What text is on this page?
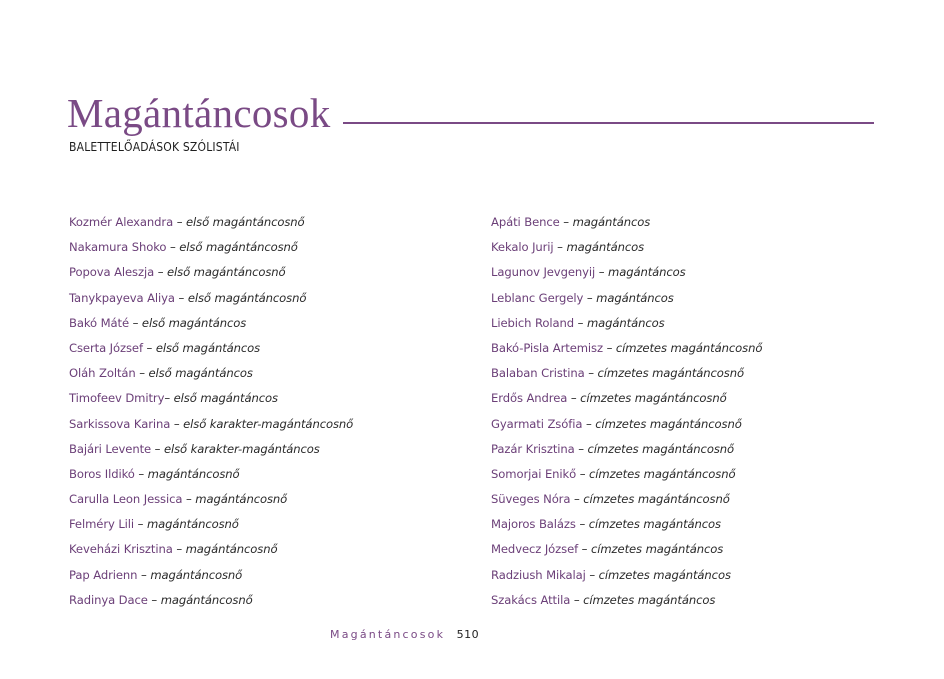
Magántáncosok
BALETTELŐADÁSOK SZÓLISTÁI
Kozmér Alexandra – első magántáncosnő
Nakamura Shoko – első magántáncosnő
Popova Aleszja – első magántáncosnő
Tanykpayeva Aliya – első magántáncosnő
Bakó Máté – első magántáncos
Cserta József – első magántáncos
Oláh Zoltán – első magántáncos
Timofeev Dmitry– első magántáncos
Sarkissova Karina – első karakter-magántáncosnő
Bajári Levente – első karakter-magántáncos
Boros Ildikó – magántáncosnő
Carulla Leon Jessica – magántáncosnő
Felméry Lili – magántáncosnő
Keveházi Krisztina – magántáncosnő
Pap Adrienn – magántáncosnő
Radinya Dace – magántáncosnő
Apáti Bence – magántáncos
Kekalo Jurij – magántáncos
Lagunov Jevgenyij – magántáncos
Leblanc Gergely – magántáncos
Liebich Roland – magántáncos
Bakó-Pisla Artemisz – címzetes magántáncosnő
Balaban Cristina – címzetes magántáncosnő
Erdős Andrea – címzetes magántáncosnő
Gyarmati Zsófia – címzetes magántáncosnő
Pazár Krisztina – címzetes magántáncosnő
Somorjai Enikő – címzetes magántáncosnő
Süveges Nóra – címzetes magántáncosnő
Majoros Balázs – címzetes magántáncos
Medvecz József – címzetes magántáncos
Radziush Mikalaj – címzetes magántáncos
Szakács Attila – címzetes magántáncos
Magántáncosok 510
